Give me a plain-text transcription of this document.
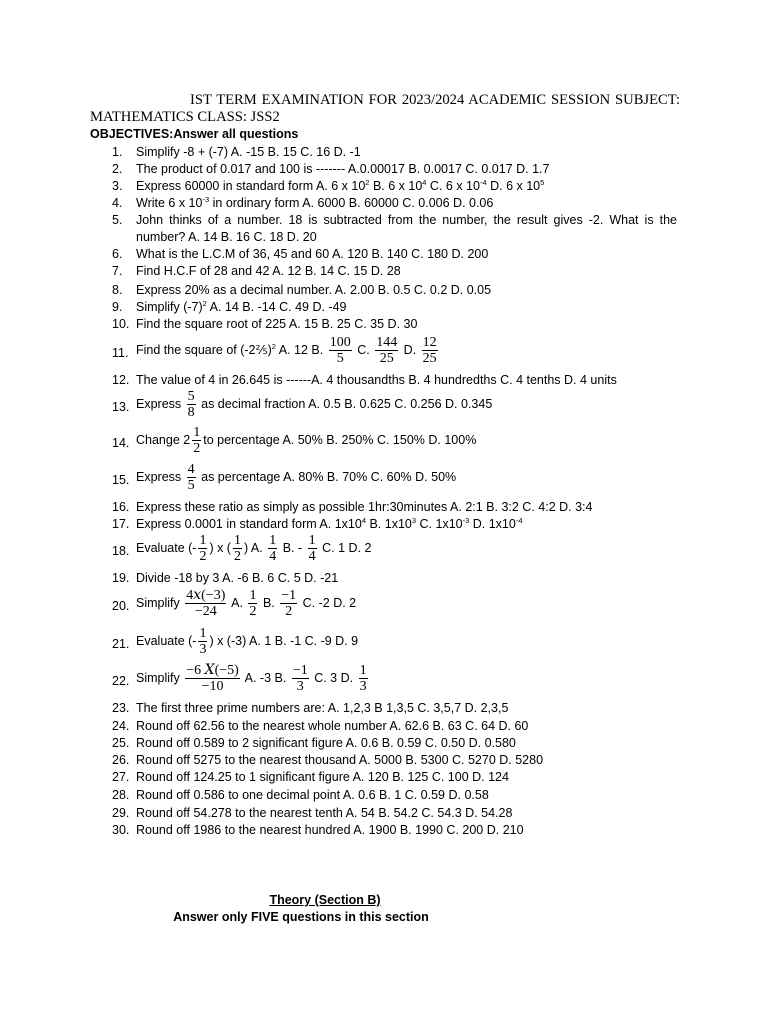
IST TERM EXAMINATION FOR 2023/2024 ACADEMIC SESSION SUBJECT:
MATHEMATICS CLASS: JSS2
OBJECTIVES:Answer all questions
1. Simplify -8 + (-7) A. -15 B. 15 C. 16 D. -1
2. The product of 0.017 and 100 is ------- A.0.00017 B. 0.0017 C. 0.017 D. 1.7
3. Express 60000 in standard form A. 6 x $10^2$ B. 6 x $10^4$ C. 6 x $10^{-4}$ D. 6 x $10^5$
4. Write 6 x $10^{-3}$ in ordinary form A. 6000 B. 60000 C. 0.006 D. 0.06
5. John thinks of a number. 18 is subtracted from the number, the result gives -2. What is the number? A. 14 B. 16 C. 18 D. 20
6. What is the L.C.M of 36, 45 and 60 A. 120 B. 140 C. 180 D. 200
7. Find H.C.F of 28 and 42 A. 12 B. 14 C. 15 D. 28
8. Express 20% as a decimal number. A. 2.00 B. 0.5 C. 0.2 D. 0.05
9. Simplify $(-7)^2$ A. 14 B. -14 C. 49 D. -49
10. Find the square root of 225 A. 15 B. 25 C. 35 D. 30
11. Find the square of (-2⅖)$^2$ A. 12 B. $\frac{100}{5} C$. $\frac{144}{25} D$. $\frac{12}{25}$
12. The value of 4 in 26.645 is ------A. 4 thousandths B. 4 hundredths C. 4 tenths D. 4 units
13. Express $\frac{5}{8}$ as decimal fraction A. 0.5 B. 0.625 C. 0.256 D. 0.345
14. Change $2 \frac{1}{2}$ to percentage A. 50% B. 250% C. 150% D. 100%
15. Express $\frac{4}{5}$ as percentage A. 80% B. 70% C. 60% D. 50%
16. Express these ratio as simply as possible 1hr:30minutes A. 2:1 B. 3:2 C. 4:2 D. 3:4
17. Express 0.0001 in standard form A. $1x10^4$ B. $1x10^3$ C. $1x10^{-3}$ D. $1x10^{-4}$
18. Evaluate (- $\frac{1}{2}$ ) x ( $\frac{1}{2}$ ) A. $\frac{1}{4} B$. - $\frac{1}{4} C$. 1 D. 2
19. Divide -18 by 3 A. -6 B. 6 C. 5 D. -21
20. Simplify $\frac{\text{4𝑥(−3)}}{-24} A$. $\frac{1}{2} B$. $\frac{-1}{2} C$. -2 D. 2
21. Evaluate (- $\frac{1}{3}$ ) x (-3) A. 1 B. -1 C. -9 D. 9
22. Simplify $\frac{\text{−6 𝑋(−5)}}{-10} A$. -3 B. $\frac{-1}{3} C$. 3 D. $\frac{1}{3}$
23. The first three prime numbers are: A. 1,2,3 B 1,3,5 C. 3,5,7 D. 2,3,5
24. Round off 62.56 to the nearest whole number A. 62.6 B. 63 C. 64 D. 60
25. Round off 0.589 to 2 significant figure A. 0.6 B. 0.59 C. 0.50 D. 0.580
26. Round off 5275 to the nearest thousand A. 5000 B. 5300 C. 5270 D. 5280
27. Round off 124.25 to 1 significant figure A. 120 B. 125 C. 100 D. 124
28. Round off 0.586 to one decimal point A. 0.6 B. 1 C. 0.59 D. 0.58
29. Round off 54.278 to the nearest tenth A. 54 B. 54.2 C. 54.3 D. 54.28
30. Round off 1986 to the nearest hundred A. 1900 B. 1990 C. 200 D. 210
Theory (Section B)
Answer only FIVE questions in this section
